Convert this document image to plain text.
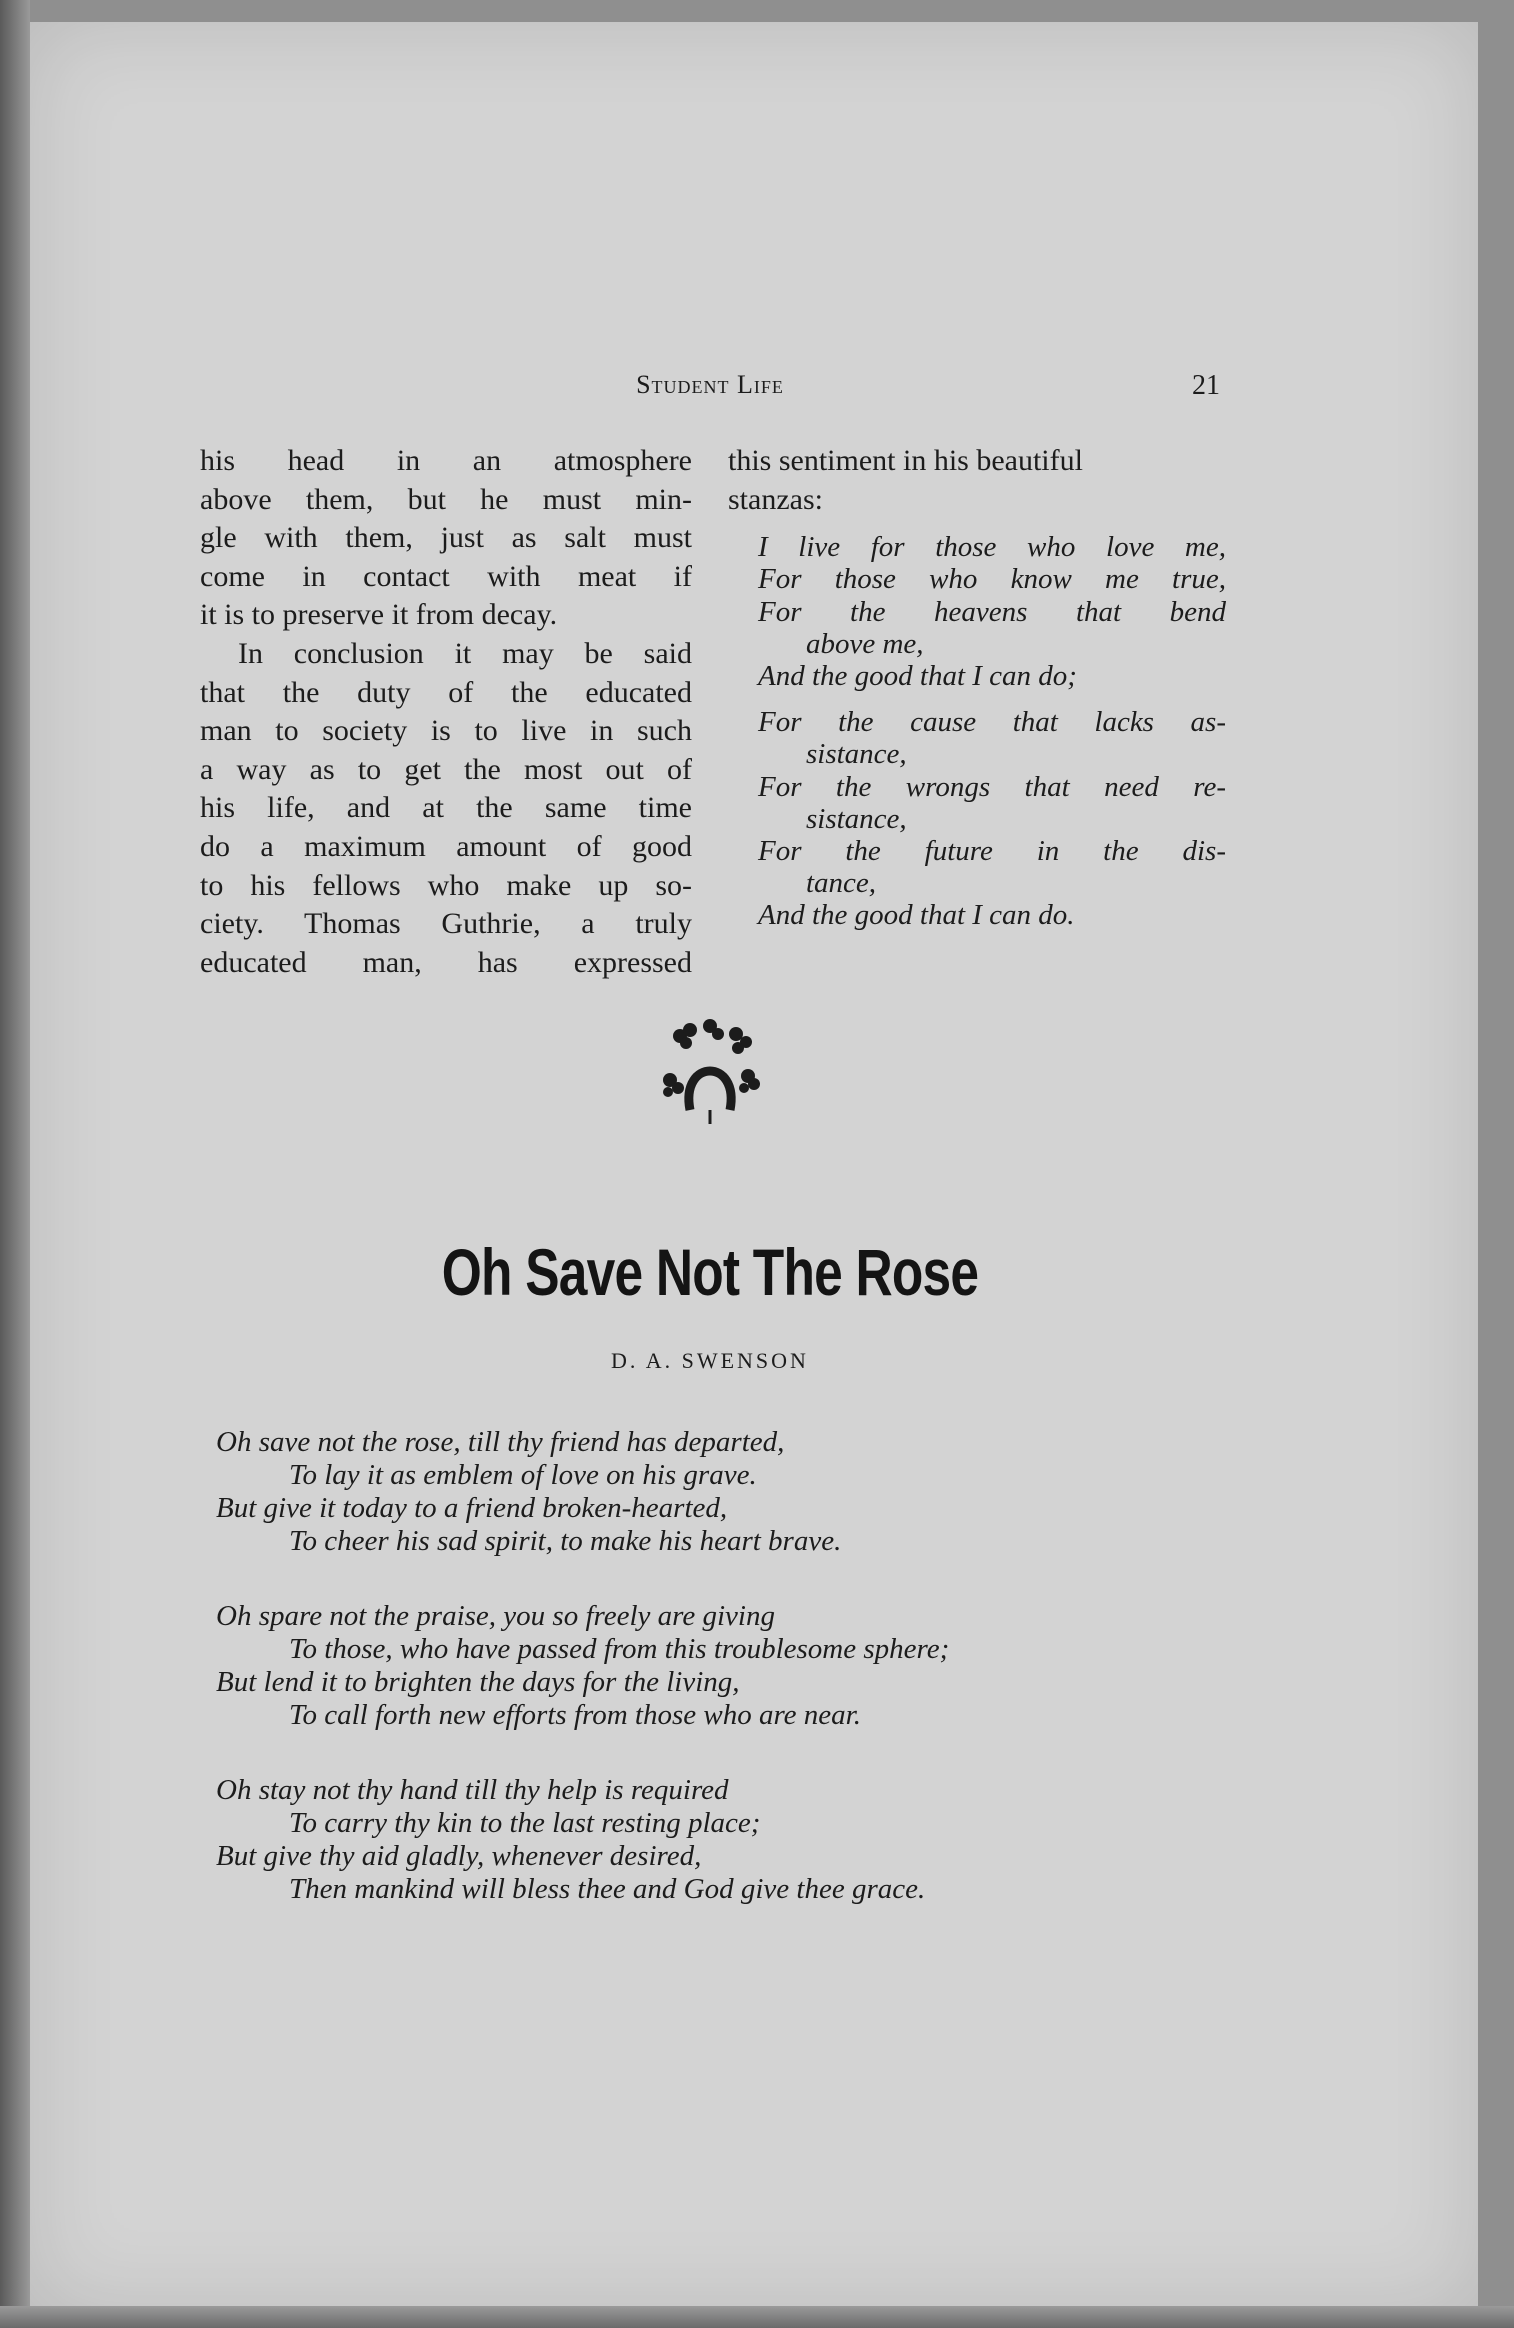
Student Life	21

his head in an atmosphere

above them, but he must min-

gle with them, just as salt must

come in contact with meat if

it is to preserve it from decay.

In conclusion it may be said

that the duty of the educated

man to society is to live in such

a way as to get the most out of

his life, and at the same time

do a maximum amount of good

to his fellows who make up so-

ciety. Thomas Guthrie, a truly

educated man, has expressed

this sentiment in his beautiful
stanzas:

I live for those who love me,
For those who know me true,
For the heavens that bend
above me,
And the good that I can do;
For the cause that lacks as-
sistance,
For the wrongs that need re-
sistance,
For the future in the dis-
tance,
And the good that I can do.
Oh Save Not The Rose
D. A. SWENSON
Oh save not the rose, till thy friend has departed,
To lay it as emblem of love on his grave.
But give it today to a friend broken-hearted,
To cheer his sad spirit, to make his heart brave.
Oh spare not the praise, you so freely are giving
To those, who have passed from this troublesome sphere;
But lend it to brighten the days for the living,
To call forth new efforts from those who are near.
Oh stay not thy hand till thy help is required
To carry thy kin to the last resting place;
But give thy aid gladly, whenever desired,
Then mankind will bless thee and God give thee grace.
